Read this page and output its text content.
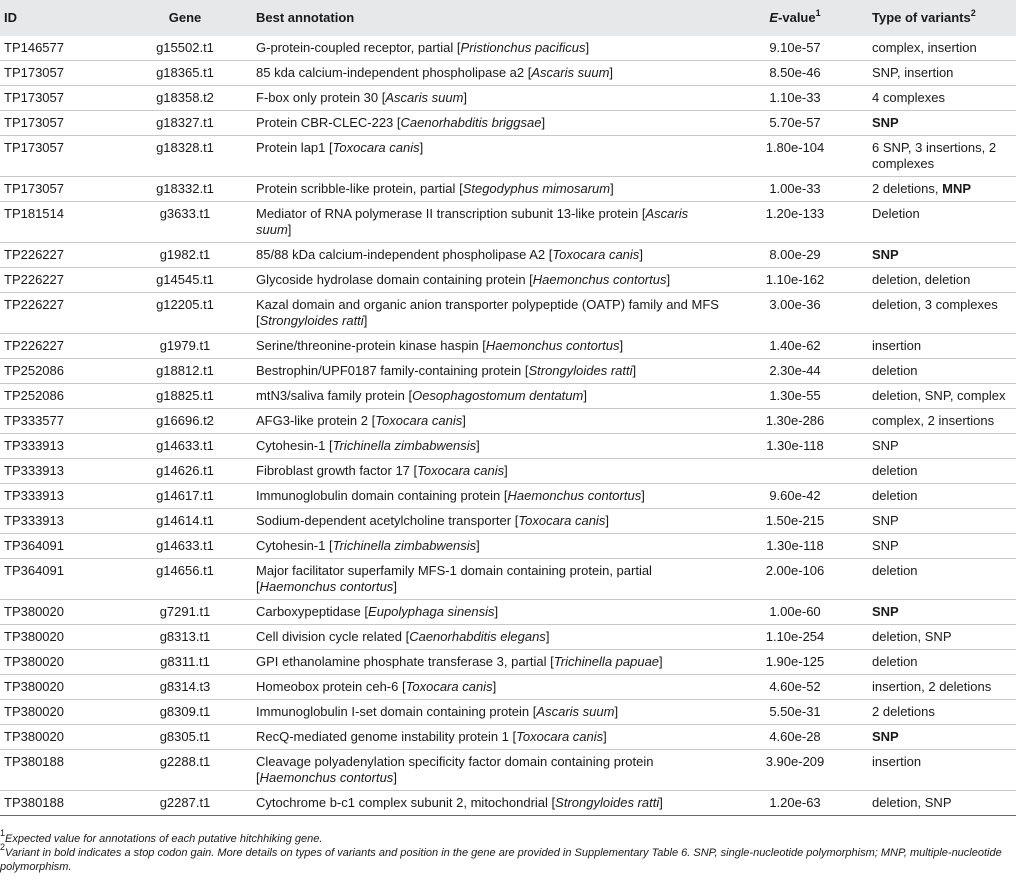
ID	Gene	Best annotation	E-value$^1$	Type of variants$^2$
TP146577	g15502.t1	G-protein-coupled receptor, partial [Pristionchus pacificus]	9.10e-57	complex, insertion
TP173057	g18365.t1	85 kda calcium-independent phospholipase a2 [Ascaris suum]	8.50e-46	SNP, insertion
TP173057	g18358.t2	F-box only protein 30 [Ascaris suum]	1.10e-33	4 complexes
TP173057	g18327.t1	Protein CBR-CLEC-223 [Caenorhabditis briggsae]	5.70e-57	SNP
TP173057	g18328.t1	Protein lap1 [Toxocara canis]	1.80e-104	6 SNP, 3 insertions, 2 complexes
TP173057	g18332.t1	Protein scribble-like protein, partial [Stegodyphus mimosarum]	1.00e-33	2 deletions, MNP
TP181514	g3633.t1	Mediator of RNA polymerase II transcription subunit 13-like protein [Ascaris suum]	1.20e-133	Deletion
TP226227	g1982.t1	85/88 kDa calcium-independent phospholipase A2 [Toxocara canis]	8.00e-29	SNP
TP226227	g14545.t1	Glycoside hydrolase domain containing protein [Haemonchus contortus]	1.10e-162	deletion, deletion
TP226227	g12205.t1	Kazal domain and organic anion transporter polypeptide (OATP) family and MFS [Strongyloides ratti]	3.00e-36	deletion, 3 complexes
TP226227	g1979.t1	Serine/threonine-protein kinase haspin [Haemonchus contortus]	1.40e-62	insertion
TP252086	g18812.t1	Bestrophin/UPF0187 family-containing protein [Strongyloides ratti]	2.30e-44	deletion
TP252086	g18825.t1	mtN3/saliva family protein [Oesophagostomum dentatum]	1.30e-55	deletion, SNP, complex
TP333577	g16696.t2	AFG3-like protein 2 [Toxocara canis]	1.30e-286	complex, 2 insertions
TP333913	g14633.t1	Cytohesin-1 [Trichinella zimbabwensis]	1.30e-118	SNP
TP333913	g14626.t1	Fibroblast growth factor 17 [Toxocara canis]		deletion
TP333913	g14617.t1	Immunoglobulin domain containing protein [Haemonchus contortus]	9.60e-42	deletion
TP333913	g14614.t1	Sodium-dependent acetylcholine transporter [Toxocara canis]	1.50e-215	SNP
TP364091	g14633.t1	Cytohesin-1 [Trichinella zimbabwensis]	1.30e-118	SNP
TP364091	g14656.t1	Major facilitator superfamily MFS-1 domain containing protein, partial [Haemonchus contortus]	2.00e-106	deletion
TP380020	g7291.t1	Carboxypeptidase [Eupolyphaga sinensis]	1.00e-60	SNP
TP380020	g8313.t1	Cell division cycle related [Caenorhabditis elegans]	1.10e-254	deletion, SNP
TP380020	g8311.t1	GPI ethanolamine phosphate transferase 3, partial [Trichinella papuae]	1.90e-125	deletion
TP380020	g8314.t3	Homeobox protein ceh-6 [Toxocara canis]	4.60e-52	insertion, 2 deletions
TP380020	g8309.t1	Immunoglobulin I-set domain containing protein [Ascaris suum]	5.50e-31	2 deletions
TP380020	g8305.t1	RecQ-mediated genome instability protein 1 [Toxocara canis]	4.60e-28	SNP
TP380188	g2288.t1	Cleavage polyadenylation specificity factor domain containing protein [Haemonchus contortus]	3.90e-209	insertion
TP380188	g2287.t1	Cytochrome b-c1 complex subunit 2, mitochondrial [Strongyloides ratti]	1.20e-63	deletion, SNP

$^1$Expected value for annotations of each putative hitchhiking gene.

$^2$Variant in bold indicates a stop codon gain. More details on types of variants and position in the gene are provided in Supplementary Table 6. SNP, single-nucleotide polymorphism; MNP, multiple-nucleotide polymorphism.
